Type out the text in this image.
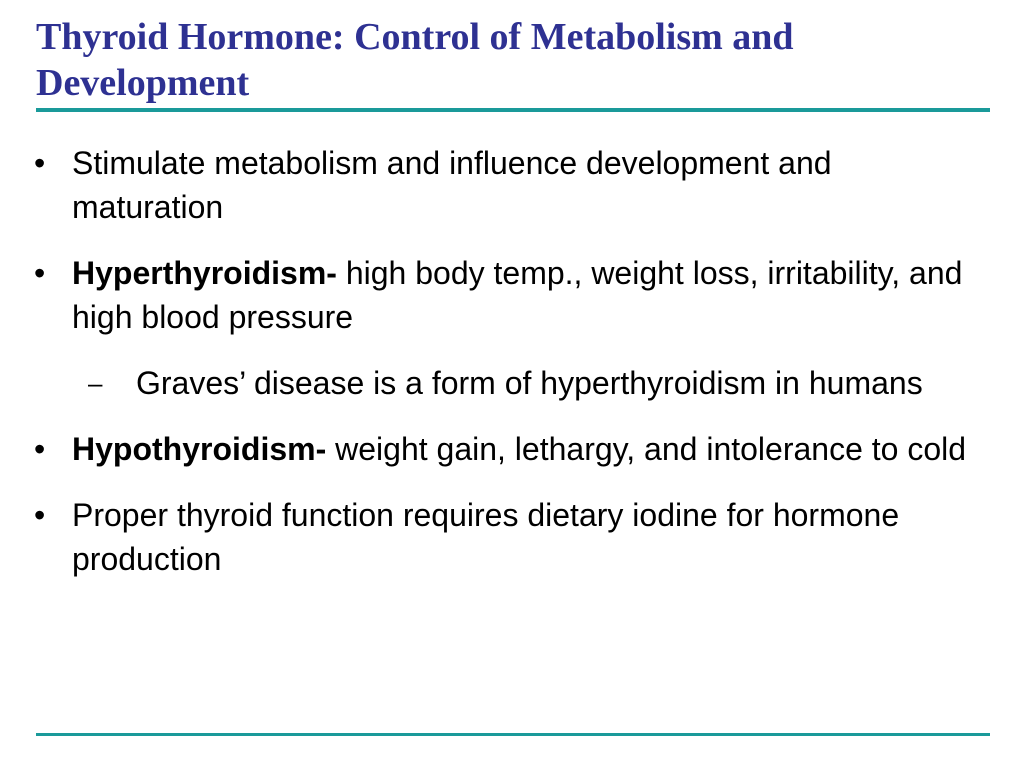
Thyroid Hormone: Control of Metabolism and Development

• Stimulate metabolism and influence development and maturation

• Hyperthyroidism- high body temp., weight loss, irritability, and high blood pressure

– Graves’ disease is a form of hyperthyroidism in humans

• Hypothyroidism- weight gain, lethargy, and intolerance to cold

• Proper thyroid function requires dietary iodine for hormone production
